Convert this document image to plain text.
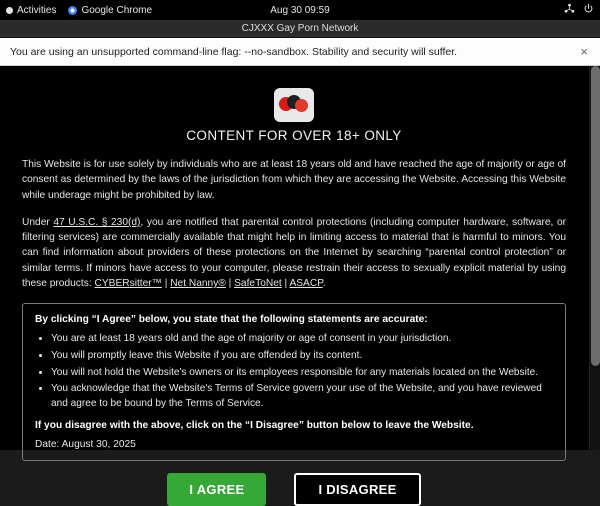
Activities	Google Chrome	Aug 30 09:59
CJXXX Gay Porn Network
You are using an unsupported command-line flag: --no-sandbox. Stability and security will suffer.	×
CONTENT FOR OVER 18+ ONLY

This Website is for use solely by individuals who are at least 18 years old and have reached the age of majority or age of consent as determined by the laws of the jurisdiction from which they are accessing the Website. Accessing this Website while underage might be prohibited by law.

Under 47 U.S.C. § 230(d), you are notified that parental control protections (including computer hardware, software, or filtering services) are commercially available that might help in limiting access to material that is harmful to minors. You can find information about providers of these protections on the Internet by searching “parental control protection” or similar terms. If minors have access to your computer, please restrain their access to sexually explicit material by using these products: CYBERsitter™ | Net Nanny® | SafeToNet | ASACP.

By clicking “I Agree” below, you state that the following statements are accurate:

• You are at least 18 years old and the age of majority or age of consent in your jurisdiction.
• You will promptly leave this Website if you are offended by its content.
• You will not hold the Website's owners or its employees responsible for any materials located on the Website.
• You acknowledge that the Website's Terms of Service govern your use of the Website, and you have reviewed and agree to be bound by the Terms of Service.

If you disagree with the above, click on the “I Disagree” button below to leave the Website.

Date: August 30, 2025

I AGREE	I DISAGREE
